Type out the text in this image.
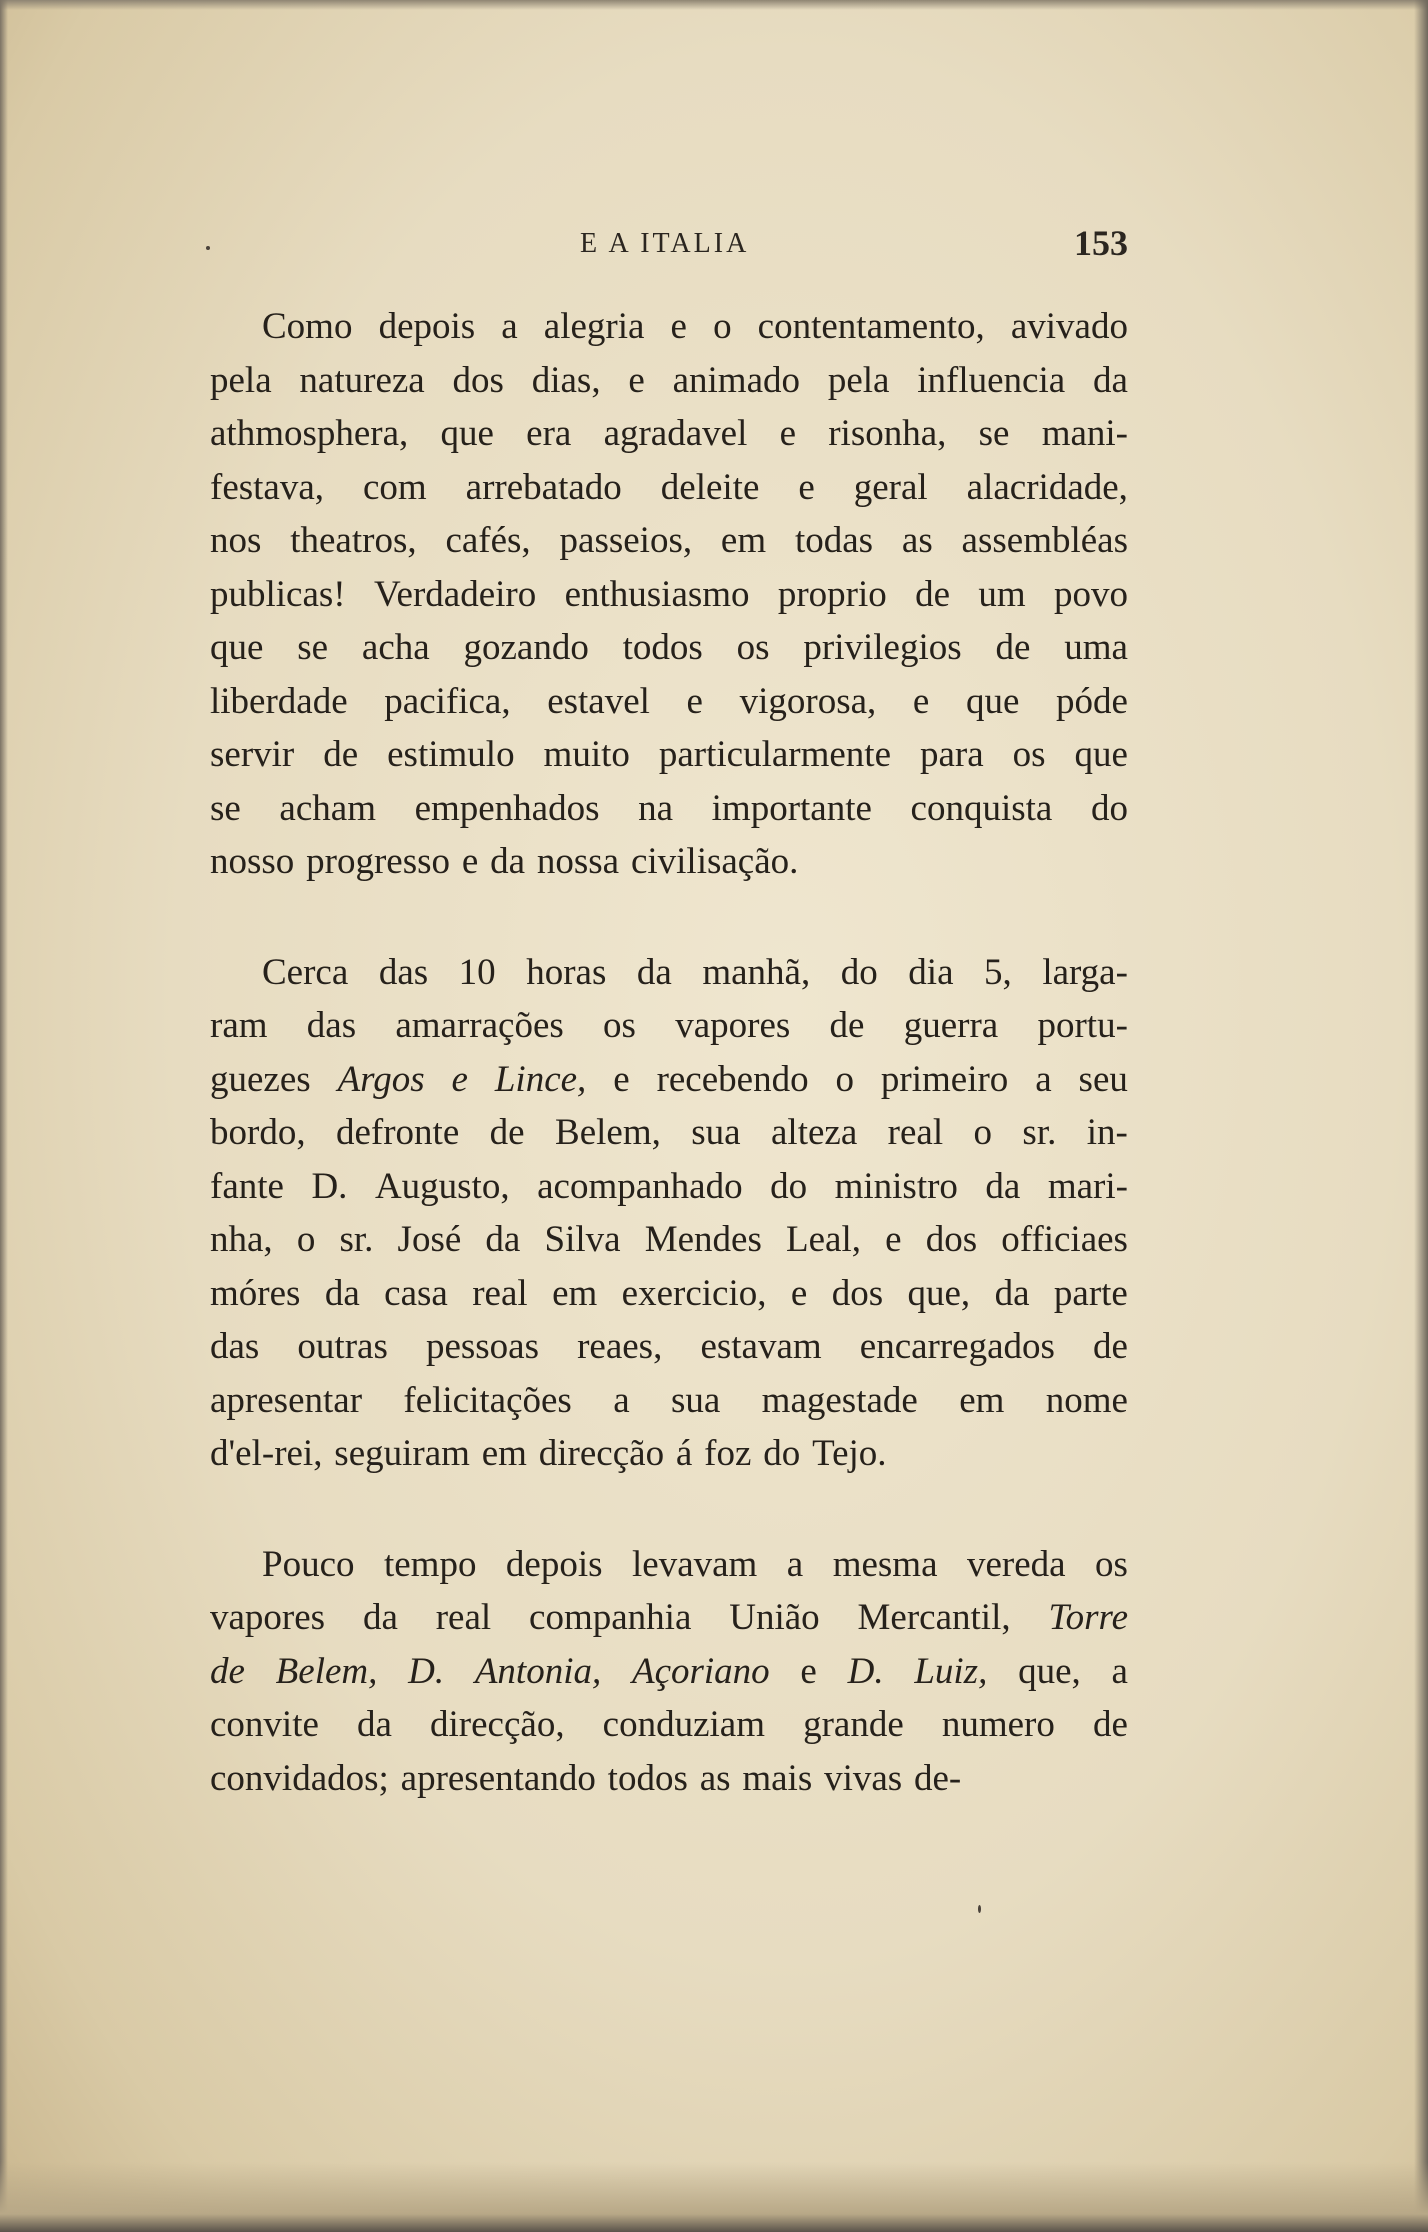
E A ITALIA	153
Como depois a alegria e o contentamento, avivado
pela natureza dos dias, e animado pela influencia da
athmosphera, que era agradavel e risonha, se mani-
festava, com arrebatado deleite e geral alacridade,
nos theatros, cafés, passeios, em todas as assembléas
publicas! Verdadeiro enthusiasmo proprio de um povo
que se acha gozando todos os privilegios de uma
liberdade pacifica, estavel e vigorosa, e que póde
servir de estimulo muito particularmente para os que
se acham empenhados na importante conquista do
nosso progresso e da nossa civilisação.
Cerca das 10 horas da manhã, do dia 5, larga-
ram das amarrações os vapores de guerra portu-
guezes Argos e Lince, e recebendo o primeiro a seu
bordo, defronte de Belem, sua alteza real o sr. in-
fante D. Augusto, acompanhado do ministro da mari-
nha, o sr. José da Silva Mendes Leal, e dos officiaes
móres da casa real em exercicio, e dos que, da parte
das outras pessoas reaes, estavam encarregados de
apresentar felicitações a sua magestade em nome
d'el-rei, seguiram em direcção á foz do Tejo.
Pouco tempo depois levavam a mesma vereda os
vapores da real companhia União Mercantil, Torre
de Belem, D. Antonia, Açoriano e D. Luiz, que, a
convite da direcção, conduziam grande numero de
convidados; apresentando todos as mais vivas de-
